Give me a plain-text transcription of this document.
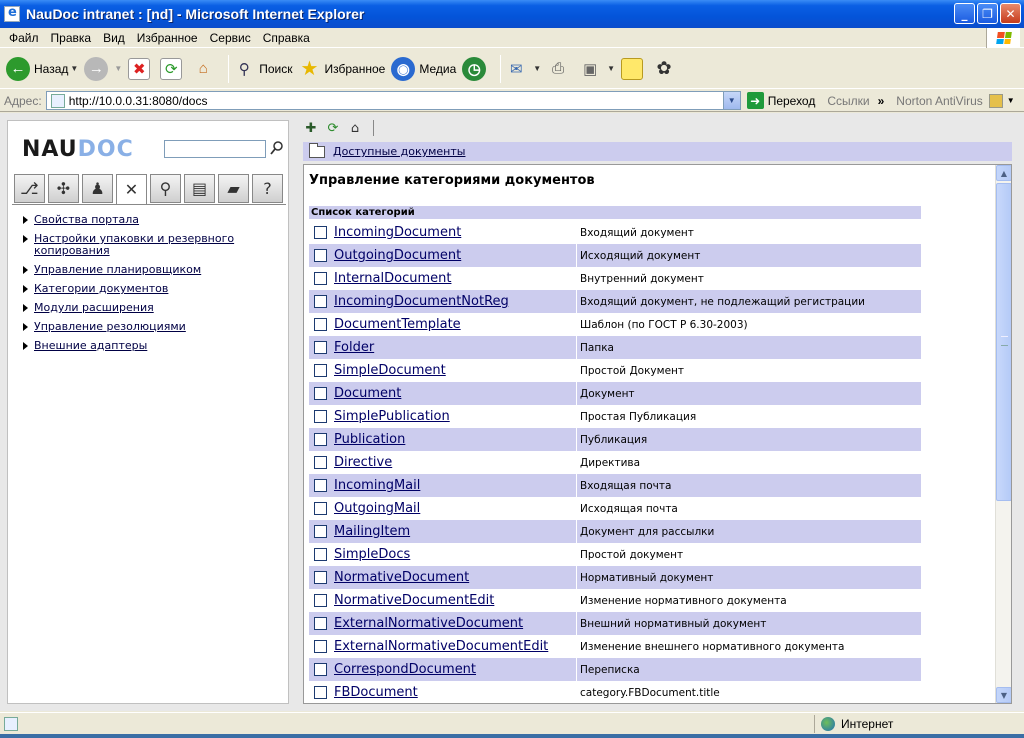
e
NauDoc intranet : [nd] - Microsoft Internet Explorer	_	❐	✕
Файл	Правка	Вид	Избранное	Сервис	Справка
← Назад ▼ →	▼ ✖	⟳	⌂	⚲ Поиск ★ Избранное ◉ Медиа ◷	✉	▼ ⎙	▣	▼ ✿
Адрес:	http://10.0.0.31:8080/docs	▼	➜ Переход Ссылки » Norton AntiVirus	▼
NAUDOC
⎇	✣	♟	✕	⚲	▤	▰	?
Свойства портала
Настройки упаковки и резервного копирования
Управление планировщиком
Категории документов
Модули расширения
Управление резолюциями
Внешние адаптеры
✚ ⟳ ⌂
Доступные документы
Управление категориями документов
Список категорий
IncomingDocument	Входящий документ
OutgoingDocument	Исходящий документ
InternalDocument	Внутренний документ
IncomingDocumentNotReg	Входящий документ, не подлежащий регистрации
DocumentTemplate	Шаблон (по ГОСТ Р 6.30-2003)
Folder	Папка
SimpleDocument	Простой Документ
Document	Документ
SimplePublication	Простая Публикация
Publication	Публикация
Directive	Директива
IncomingMail	Входящая почта
OutgoingMail	Исходящая почта
MailingItem	Документ для рассылки
SimpleDocs	Простой документ
NormativeDocument	Нормативный документ
NormativeDocumentEdit	Изменение нормативного документа
ExternalNormativeDocument	Внешний нормативный документ
ExternalNormativeDocumentEdit	Изменение внешнего нормативного документа
CorrespondDocument	Переписка
FBDocument	category.FBDocument.title
▲
▼
Интернет
